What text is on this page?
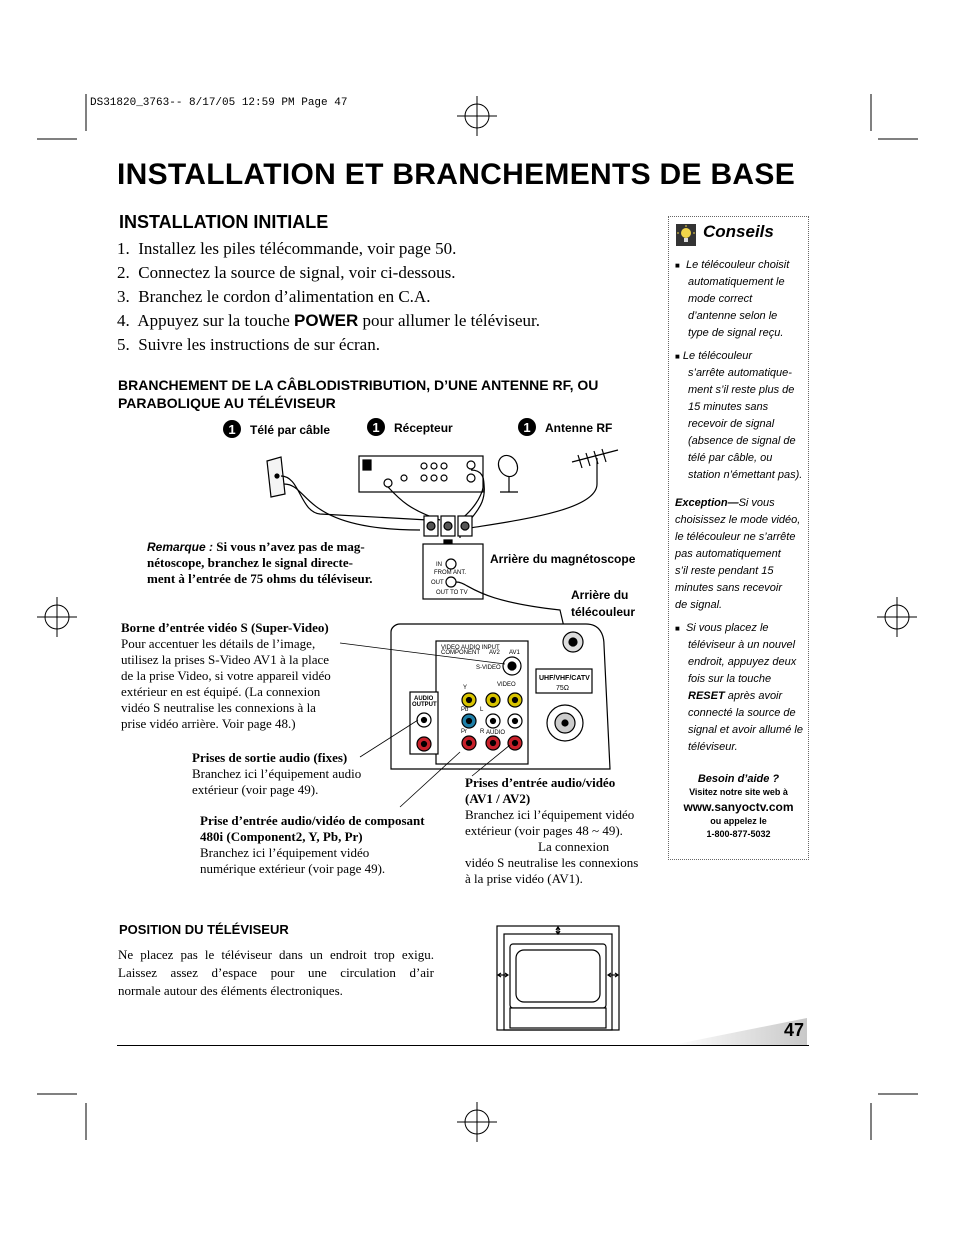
DS31820_3763-- 8/17/05 12:59 PM Page 47
INSTALLATION ET BRANCHEMENTS DE BASE
INSTALLATION INITIALE
1. Installez les piles télécommande, voir page 50.
2. Connectez la source de signal, voir ci-dessous.
3. Branchez le cordon d’alimentation en C.A.
4. Appuyez sur la touche POWER pour allumer le téléviseur.
5. Suivre les instructions de sur écran.
BRANCHEMENT DE LA CÂBLODISTRIBUTION, D’UNE ANTENNE RF, OU
PARABOLIQUE AU TÉLÉVISEUR
1 $^{Télé par câble}$	1 $^{Récepteur}$	1 $^{Antenne RF}$
IN
FROM ANT.
OUT
OUT TO TV
VIDEO AUDIO INPUT
COMPONENT AV2 AV1
S-VIDEO
VIDEO
Y
Pb
Pr
L
R AUDIO
AUDIO
OUTPUT
UHF/VHF/CATV
75Ω
Arrière du magnétoscope
Arrière du
télécouleur
Remarque : Si vous n’avez pas de mag-
nétoscope, branchez le signal directe-
ment à l’entrée de 75 ohms du téléviseur.
Borne d’entrée vidéo S (Super-Video)
Pour accentuer les détails de l’image,
utilisez la prises S-Video AV1 à la place
de la prise Video, si votre appareil vidéo
extérieur en est équipé. (La connexion
vidéo S neutralise les connexions à la
prise vidéo arrière. Voir page 48.)
Prises de sortie audio (fixes)
Branchez ici l’équipement audio
extérieur (voir page 49).
Prise d’entrée audio/vidéo de composant
480i (Component2, Y, Pb, Pr)
Branchez ici l’équipement vidéo
numérique extérieur (voir page 49).
Prises d’entrée audio/vidéo
(AV1 / AV2)
Branchez ici l’équipement vidéo
extérieur (voir pages 48 ~ 49).
La connexion
vidéo S neutralise les connexions
à la prise vidéo (AV1).
POSITION DU TÉLÉVISEUR
Ne placez pas le téléviseur dans un endroit trop exigu.
Laissez assez d’espace pour une circulation d’air
normale autour des éléments électroniques.
47
Conseils
■ Le télécouleur choisit
automatiquement le
mode correct
d’antenne selon le
type de signal reçu.
■ Le télécouleur
s’arrête automatique-
ment s’il reste plus de
15 minutes sans
recevoir de signal
(absence de signal de
télé par câble, ou
station n’émettant pas).
Exception—Si vous
choisissez le mode vidéo,
le télécouleur ne s’arrête
pas automatiquement
s’il reste pendant 15
minutes sans recevoir
de signal.
■ Si vous placez le
téléviseur à un nouvel
endroit, appuyez deux
fois sur la touche
RESET après avoir
connecté la source de
signal et avoir allumé le
téléviseur.
Besoin d’aide ?
Visitez notre site web à
www.sanyoctv.com
ou appelez le
1-800-877-5032
